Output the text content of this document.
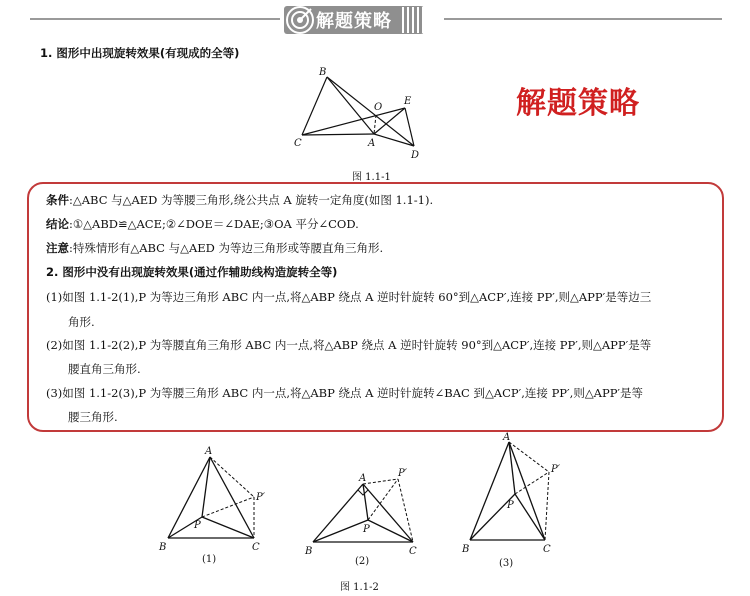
解题策略
1. 图形中出现旋转效果(有现成的全等)
B
C	A
O
E
D
图 1.1-1
解题策略
条件:△ABC 与△AED 为等腰三角形,绕公共点 A 旋转一定角度(如图 1.1-1).
结论:①△ABD≌△ACE;②∠DOE＝∠DAE;③OA 平分∠COD.
注意:特殊情形有△ABC 与△AED 为等边三角形或等腰直角三角形.
2. 图形中没有出现旋转效果(通过作辅助线构造旋转全等)
(1)如图 1.1-2(1),P 为等边三角形 ABC 内一点,将△ABP 绕点 A 逆时针旋转 60°到△ACP′,连接 PP′,则△APP′是等边三
角形.
(2)如图 1.1-2(2),P 为等腰直角三角形 ABC 内一点,将△ABP 绕点 A 逆时针旋转 90°到△ACP′,连接 PP′,则△APP′是等
腰直角三角形.
(3)如图 1.1-2(3),P 为等腰三角形 ABC 内一点,将△ABP 绕点 A 逆时针旋转∠BAC 到△ACP′,连接 PP′,则△APP′是等
腰三角形.
A
B	C
P
P′
(1)
A
B	C
P
P′
(2)
A
B	C
P
P′
(3)
图 1.1-2
